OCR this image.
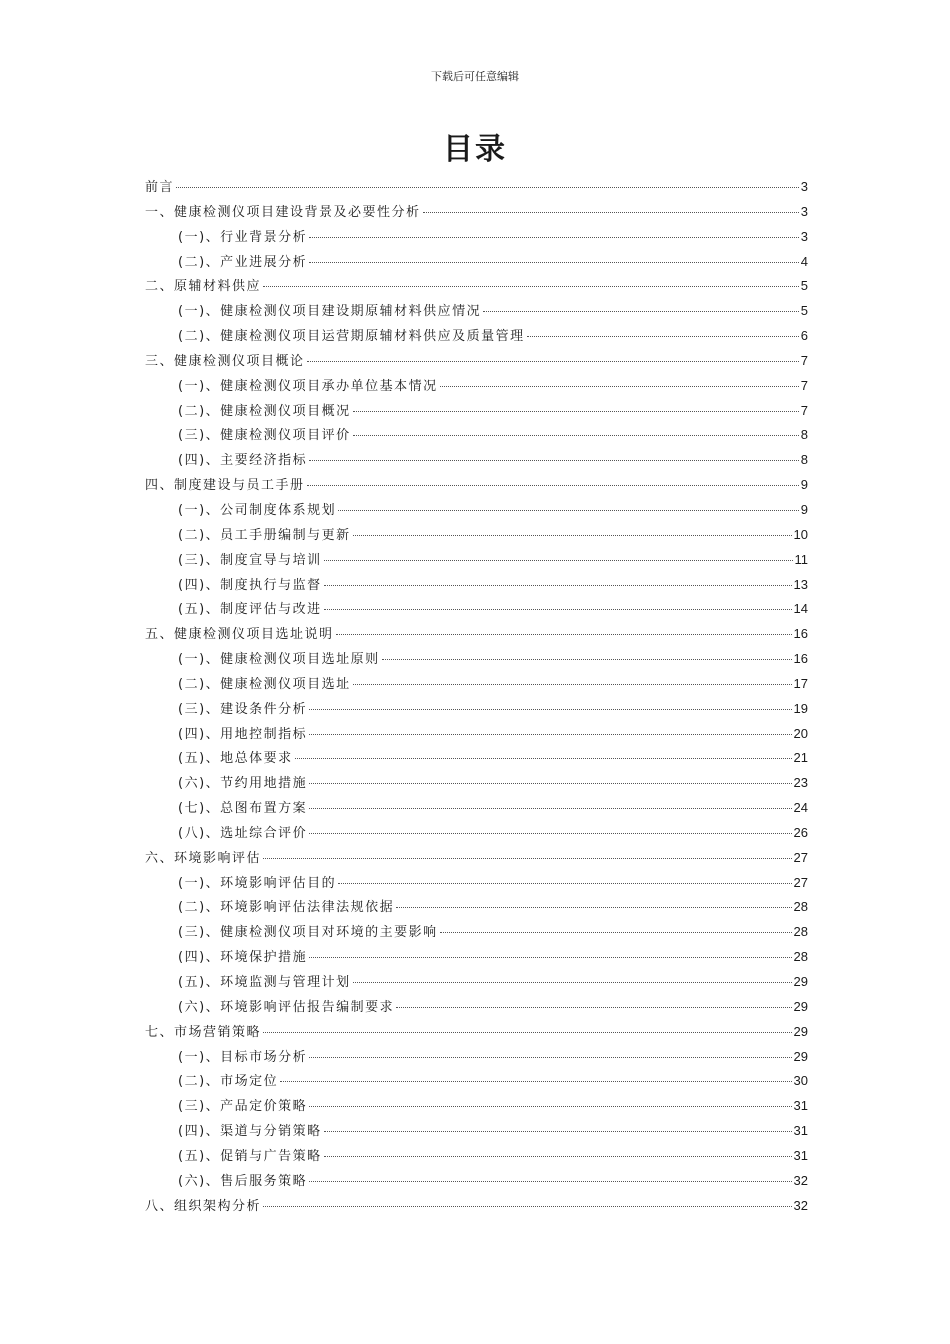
下载后可任意编辑
目录
前言	3
一、健康检测仪项目建设背景及必要性分析	3
(一)、行业背景分析	3
(二)、产业进展分析	4
二、原辅材料供应	5
(一)、健康检测仪项目建设期原辅材料供应情况	5
(二)、健康检测仪项目运营期原辅材料供应及质量管理	6
三、健康检测仪项目概论	7
(一)、健康检测仪项目承办单位基本情况	7
(二)、健康检测仪项目概况	7
(三)、健康检测仪项目评价	8
(四)、主要经济指标	8
四、制度建设与员工手册	9
(一)、公司制度体系规划	9
(二)、员工手册编制与更新	10
(三)、制度宣导与培训	11
(四)、制度执行与监督	13
(五)、制度评估与改进	14
五、健康检测仪项目选址说明	16
(一)、健康检测仪项目选址原则	16
(二)、健康检测仪项目选址	17
(三)、建设条件分析	19
(四)、用地控制指标	20
(五)、地总体要求	21
(六)、节约用地措施	23
(七)、总图布置方案	24
(八)、选址综合评价	26
六、环境影响评估	27
(一)、环境影响评估目的	27
(二)、环境影响评估法律法规依据	28
(三)、健康检测仪项目对环境的主要影响	28
(四)、环境保护措施	28
(五)、环境监测与管理计划	29
(六)、环境影响评估报告编制要求	29
七、市场营销策略	29
(一)、目标市场分析	29
(二)、市场定位	30
(三)、产品定价策略	31
(四)、渠道与分销策略	31
(五)、促销与广告策略	31
(六)、售后服务策略	32
八、组织架构分析	32
